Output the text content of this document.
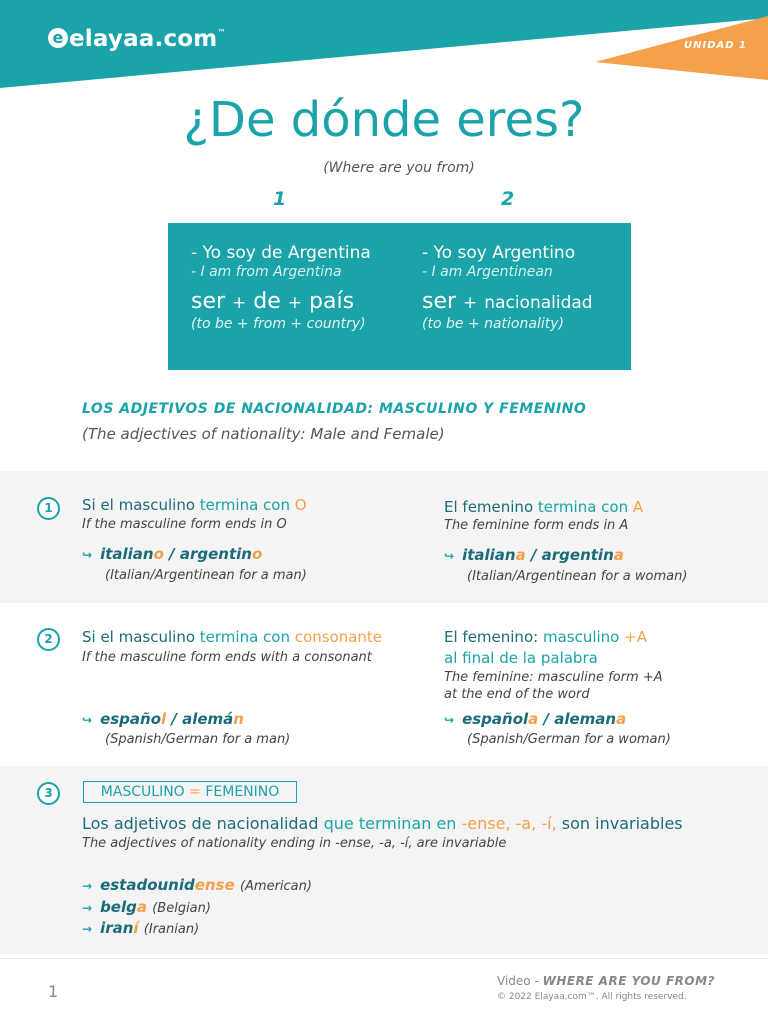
e elayaa.com™
UNIDAD 1
¿De dónde eres?
(Where are you from)
1	2
- Yo soy de Argentina
- I am from Argentina
ser + de + país
(to be + from + country)
- Yo soy Argentino
- I am Argentinean
ser + nacionalidad
(to be + nationality)
LOS ADJETIVOS DE NACIONALIDAD: MASCULINO Y FEMENINO
(The adjectives of nationality: Male and Female)
1	Si el masculino termina con O
If the masculine form ends in O
↪ italiano / argentino
(Italian/Argentinean for a man)
El femenino termina con A
The feminine form ends in A
↪ italiana / argentina
(Italian/Argentinean for a woman)
2	Si el masculino termina con consonante
If the masculine form ends with a consonant
↪ español / alemán
(Spanish/German for a man)
El femenino: masculino +A
al final de la palabra
The feminine: masculine form +A
at the end of the word
↪ española / alemana
(Spanish/German for a woman)
3	MASCULINO = FEMENINO
Los adjetivos de nacionalidad que terminan en -ense, -a, -í, son invariables
The adjectives of nationality ending in -ense, -a, -í, are invariable
→ estadounidense (American)
→ belga (Belgian)
→ iraní (Iranian)
1
Video - WHERE ARE YOU FROM?
© 2022 Elayaa.com™. All rights reserved.
